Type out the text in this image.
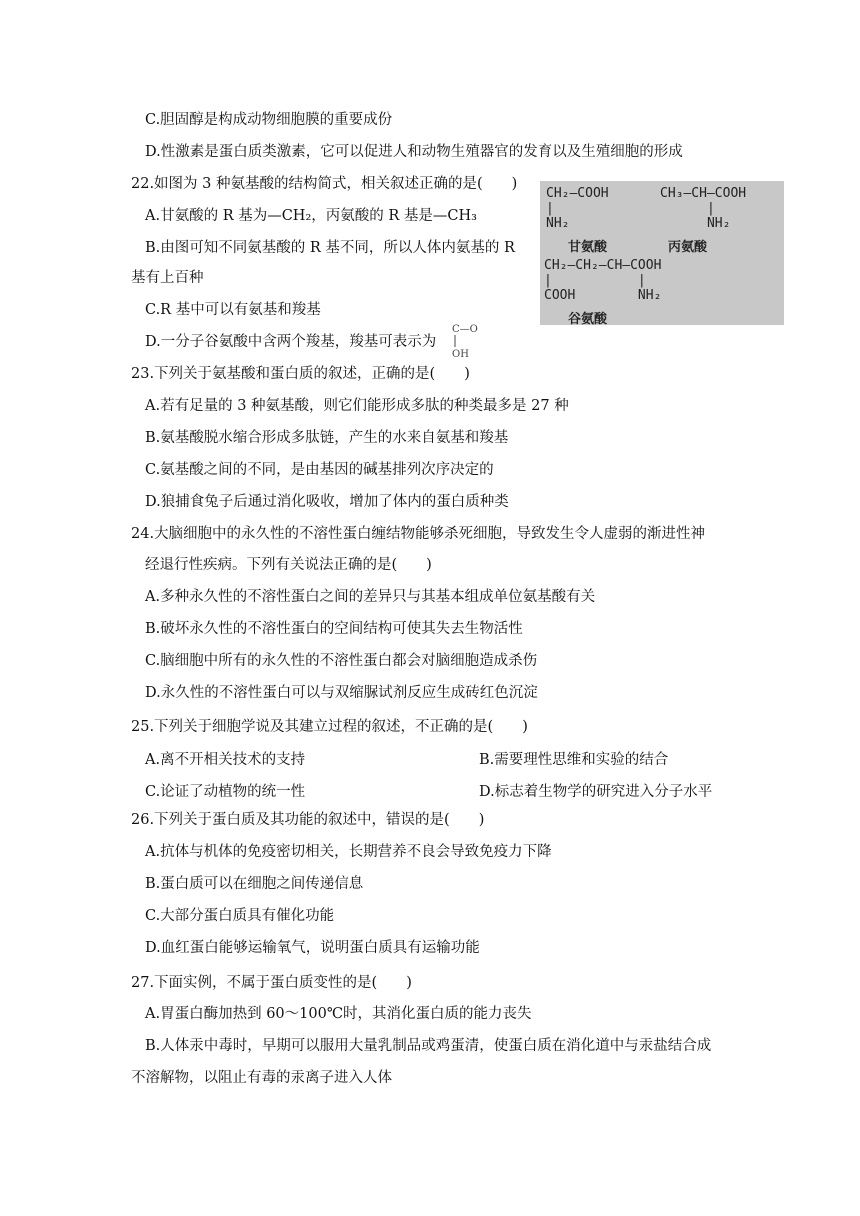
C.胆固醇是构成动物细胞膜的重要成份
D.性激素是蛋白质类激素，它可以促进人和动物生殖器官的发育以及生殖细胞的形成
22.如图为 3 种氨基酸的结构简式，相关叙述正确的是(　　)
A.甘氨酸的 R 基为—CH₂，丙氨酸的 R 基是—CH₃
B.由图可知不同氨基酸的 R 基不同，所以人体内氨基的 R
基有上百种
C.R 基中可以有氨基和羧基
D.一分子谷氨酸中含两个羧基，羧基可表示为
C—O
OH
CH₂—COOH
|
NH₂
甘氨酸
CH₃—CH—COOH
|
NH₂
丙氨酸
CH₂—CH₂—CH—COOH
|           |
COOH        NH₂
谷氨酸
23.下列关于氨基酸和蛋白质的叙述，正确的是(　　)
A.若有足量的 3 种氨基酸，则它们能形成多肽的种类最多是 27 种
B.氨基酸脱水缩合形成多肽链，产生的水来自氨基和羧基
C.氨基酸之间的不同，是由基因的碱基排列次序决定的
D.狼捕食兔子后通过消化吸收，增加了体内的蛋白质种类
24.大脑细胞中的永久性的不溶性蛋白缠结物能够杀死细胞，导致发生令人虚弱的渐进性神
经退行性疾病。下列有关说法正确的是(　　)
A.多种永久性的不溶性蛋白之间的差异只与其基本组成单位氨基酸有关
B.破坏永久性的不溶性蛋白的空间结构可使其失去生物活性
C.脑细胞中所有的永久性的不溶性蛋白都会对脑细胞造成杀伤
D.永久性的不溶性蛋白可以与双缩脲试剂反应生成砖红色沉淀
25.下列关于细胞学说及其建立过程的叙述，不正确的是(　　)
A.离不开相关技术的支持	B.需要理性思维和实验的结合
C.论证了动植物的统一性	D.标志着生物学的研究进入分子水平
26.下列关于蛋白质及其功能的叙述中，错误的是(　　)
A.抗体与机体的免疫密切相关，长期营养不良会导致免疫力下降
B.蛋白质可以在细胞之间传递信息
C.大部分蛋白质具有催化功能
D.血红蛋白能够运输氧气，说明蛋白质具有运输功能
27.下面实例，不属于蛋白质变性的是(　　)
A.胃蛋白酶加热到 60～100℃时，其消化蛋白质的能力丧失
B.人体汞中毒时，早期可以服用大量乳制品或鸡蛋清，使蛋白质在消化道中与汞盐结合成
不溶解物，以阻止有毒的汞离子进入人体
